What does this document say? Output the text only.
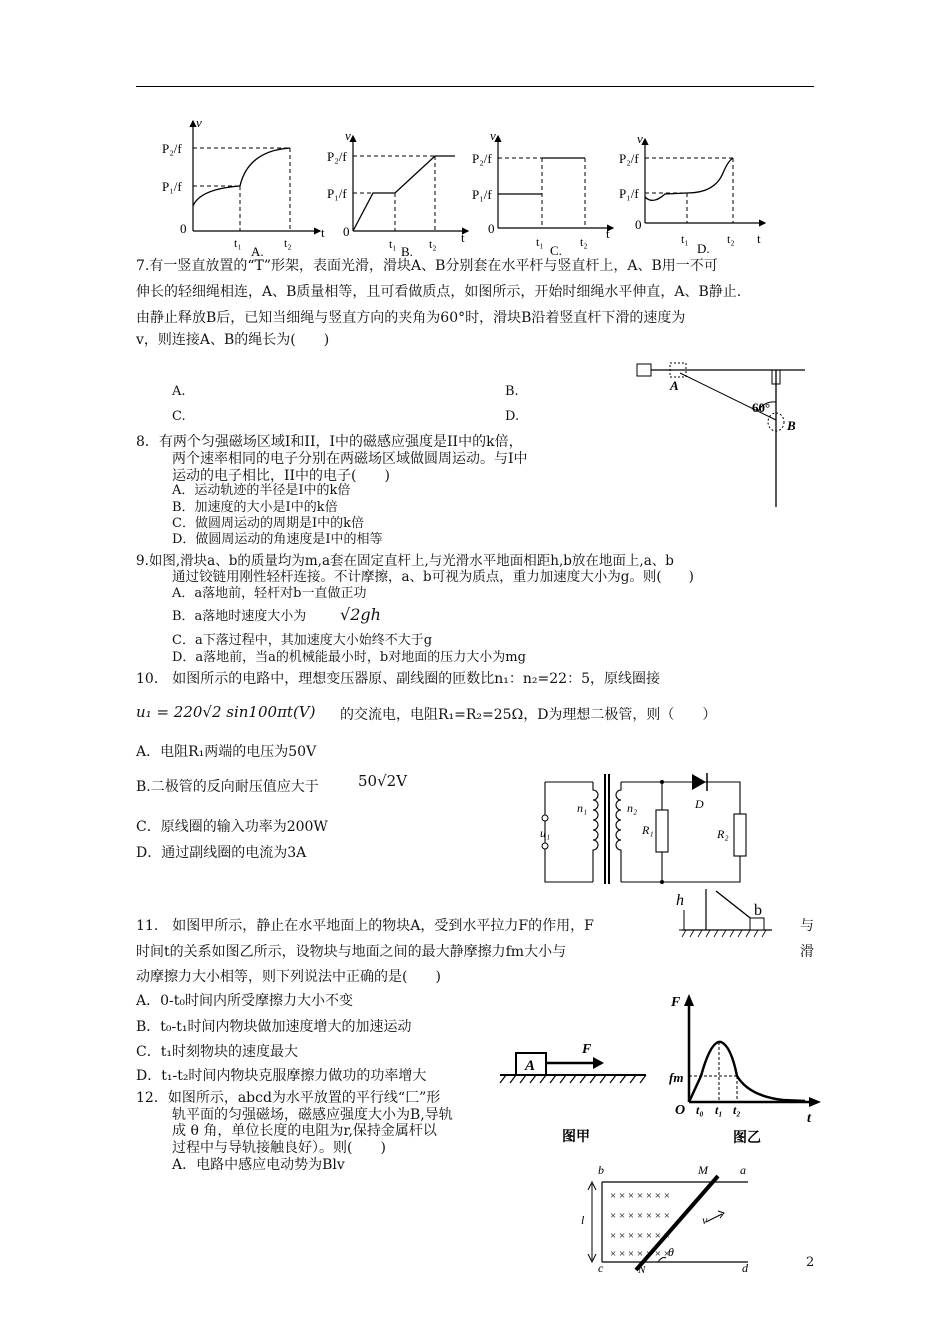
v
P₂/f
P₁/f
0
t₁	t₂
t
A.
v
P₂/f
P₁/f
0
t₁	t₂ t
B.
v
P₂/f
P₁/f
0
t₁	t₂
t
C.
v
P₂/f
P₁/f
0
t₁	t₂ t
D.
7.有一竖直放置的“T”形架，表面光滑，滑块A、B分别套在水平杆与竖直杆上，A、B用一不可
伸长的轻细绳相连，A、B质量相等，且可看做质点，如图所示，开始时细绳水平伸直，A、B静止.
由静止释放B后，已知当细绳与竖直方向的夹角为60°时，滑块B沿着竖直杆下滑的速度为
v，则连接A、B的绳长为(　　)
A.	B.
C.	D.
A
60°
B
8．有两个匀强磁场区域I和II，I中的磁感应强度是II中的k倍，
两个速率相同的电子分别在两磁场区域做圆周运动。与I中
运动的电子相比，II中的电子(　　)
A．运动轨迹的半径是I中的k倍
B．加速度的大小是I中的k倍
C．做圆周运动的周期是I中的k倍
D．做圆周运动的角速度是I中的相等
9.如图,滑块a、b的质量均为m,a套在固定直杆上,与光滑水平地面相距h,b放在地面上,a、b
通过铰链用刚性轻杆连接。不计摩擦，a、b可视为质点，重力加速度大小为g。则(　　)
A．a落地前，轻杆对b一直做正功
B．a落地时速度大小为 √2gh
C．a下落过程中，其加速度大小始终不大于g
D．a落地前，当a的机械能最小时，b对地面的压力大小为mg
10.　如图所示的电路中，理想变压器原、副线圈的匝数比n₁：n₂=22：5，原线圈接
u₁ = 220√2 sin100πt(V) 的交流电，电阻R₁=R₂=25Ω，D为理想二极管，则（　　）
A．电阻R₁两端的电压为50V
B.二极管的反向耐压值应大于	50√2V
C．原线圈的输入功率为200W
D．通过副线圈的电流为3A
n₁	n₂
u₁	R₁	R₂
D
h
b
11.　如图甲所示，静止在水平地面上的物块A，受到水平拉力F的作用，F	与
时间t的关系如图乙所示，设物块与地面之间的最大静摩擦力fm大小与	滑
动摩擦力大小相等，则下列说法中正确的是(　　)
A．0-t₀时间内所受摩擦力大小不变
B．t₀-t₁时间内物块做加速度增大的加速运动
C．t₁时刻物块的速度最大
D．t₁-t₂时间内物块克服摩擦力做功的功率增大
A
F
图甲
F
fm
O t₀ t₁ t₂
t
图乙
12．如图所示，abcd为水平放置的平行线“匚”形
轨平面的匀强磁场，磁感应强度大小为B,导轨
成 θ 角，单位长度的电阻为r,保持金属杆以
过程中与导轨接触良好）。则(　　)
A．电路中感应电动势为Blv
× × × × × × ×
× × × × × × ×
× × × × × × ×
× × × × × × ×
b	M	a
l	v
θ
c	N	d	2
